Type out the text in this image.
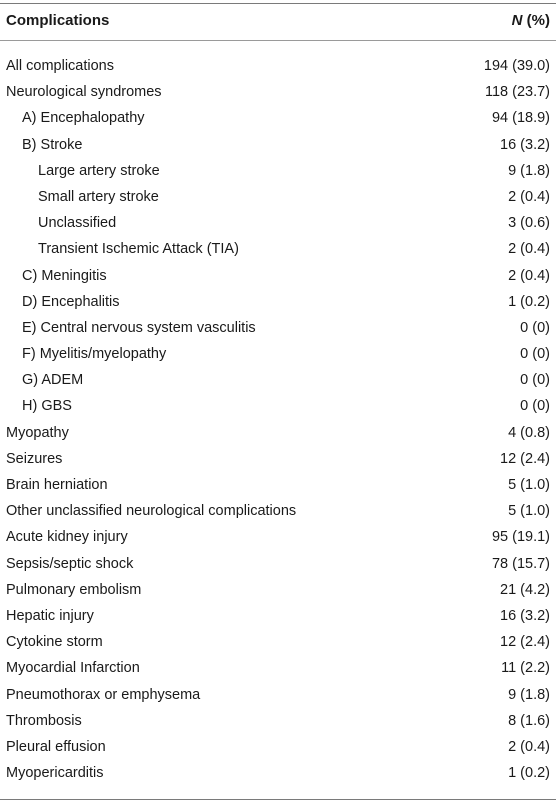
Complications	N (%)
All complications	194 (39.0)
Neurological syndromes	118 (23.7)
A) Encephalopathy	94 (18.9)
B) Stroke	16 (3.2)
Large artery stroke	9 (1.8)
Small artery stroke	2 (0.4)
Unclassified	3 (0.6)
Transient Ischemic Attack (TIA)	2 (0.4)
C) Meningitis	2 (0.4)
D) Encephalitis	1 (0.2)
E) Central nervous system vasculitis	0 (0)
F) Myelitis/myelopathy	0 (0)
G) ADEM	0 (0)
H) GBS	0 (0)
Myopathy	4 (0.8)
Seizures	12 (2.4)
Brain herniation	5 (1.0)
Other unclassified neurological complications	5 (1.0)
Acute kidney injury	95 (19.1)
Sepsis/septic shock	78 (15.7)
Pulmonary embolism	21 (4.2)
Hepatic injury	16 (3.2)
Cytokine storm	12 (2.4)
Myocardial Infarction	11 (2.2)
Pneumothorax or emphysema	9 (1.8)
Thrombosis	8 (1.6)
Pleural effusion	2 (0.4)
Myopericarditis	1 (0.2)
